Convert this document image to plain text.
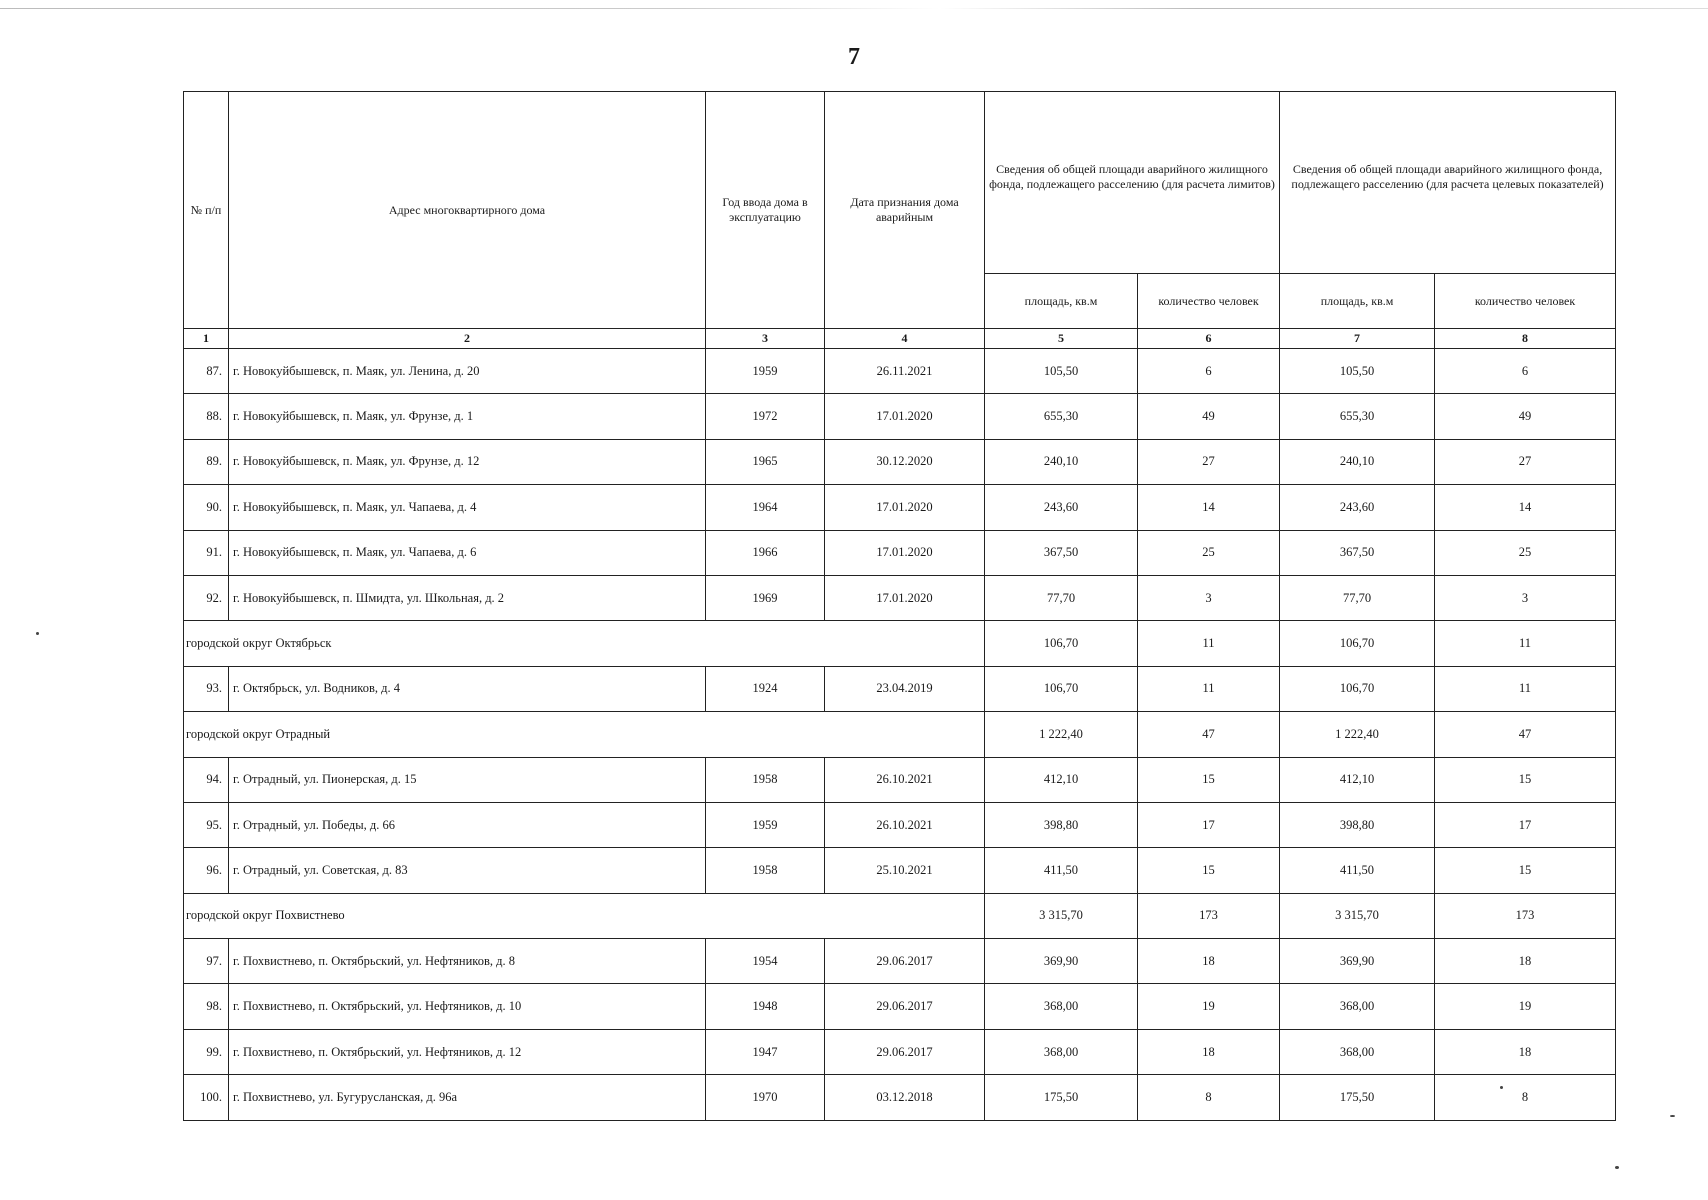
7
№ п/п	Адрес многоквартирного дома	Год ввода дома в эксплуатацию	Дата признания дома аварийным	Сведения об общей площади аварийного жилищного фонда, подлежащего расселению (для расчета лимитов)		Сведения об общей площади аварийного жилищного фонда, подлежащего расселению (для расчета целевых показателей)	
				площадь, кв.м	количество человек	площадь, кв.м	количество человек
1	2	3	4	5	6	7	8
87.	г. Новокуйбышевск, п. Маяк, ул. Ленина, д. 20	1959	26.11.2021	105,50	6	105,50	6
88.	г. Новокуйбышевск, п. Маяк, ул. Фрунзе, д. 1	1972	17.01.2020	655,30	49	655,30	49
89.	г. Новокуйбышевск, п. Маяк, ул. Фрунзе, д. 12	1965	30.12.2020	240,10	27	240,10	27
90.	г. Новокуйбышевск, п. Маяк, ул. Чапаева, д. 4	1964	17.01.2020	243,60	14	243,60	14
91.	г. Новокуйбышевск, п. Маяк, ул. Чапаева, д. 6	1966	17.01.2020	367,50	25	367,50	25
92.	г. Новокуйбышевск, п. Шмидта, ул. Школьная, д. 2	1969	17.01.2020	77,70	3	77,70	3
городской округ Октябрьск				106,70	11	106,70	11
93.	г. Октябрьск, ул. Водников, д. 4	1924	23.04.2019	106,70	11	106,70	11
городской округ Отрадный				1 222,40	47	1 222,40	47
94.	г. Отрадный, ул. Пионерская, д. 15	1958	26.10.2021	412,10	15	412,10	15
95.	г. Отрадный, ул. Победы, д. 66	1959	26.10.2021	398,80	17	398,80	17
96.	г. Отрадный, ул. Советская, д. 83	1958	25.10.2021	411,50	15	411,50	15
городской округ Похвистнево				3 315,70	173	3 315,70	173
97.	г. Похвистнево, п. Октябрьский, ул. Нефтяников, д. 8	1954	29.06.2017	369,90	18	369,90	18
98.	г. Похвистнево, п. Октябрьский, ул. Нефтяников, д. 10	1948	29.06.2017	368,00	19	368,00	19
99.	г. Похвистнево, п. Октябрьский, ул. Нефтяников, д. 12	1947	29.06.2017	368,00	18	368,00	18
100.	г. Похвистнево, ул. Бугурусланская, д. 96а	1970	03.12.2018	175,50	8	175,50	8
